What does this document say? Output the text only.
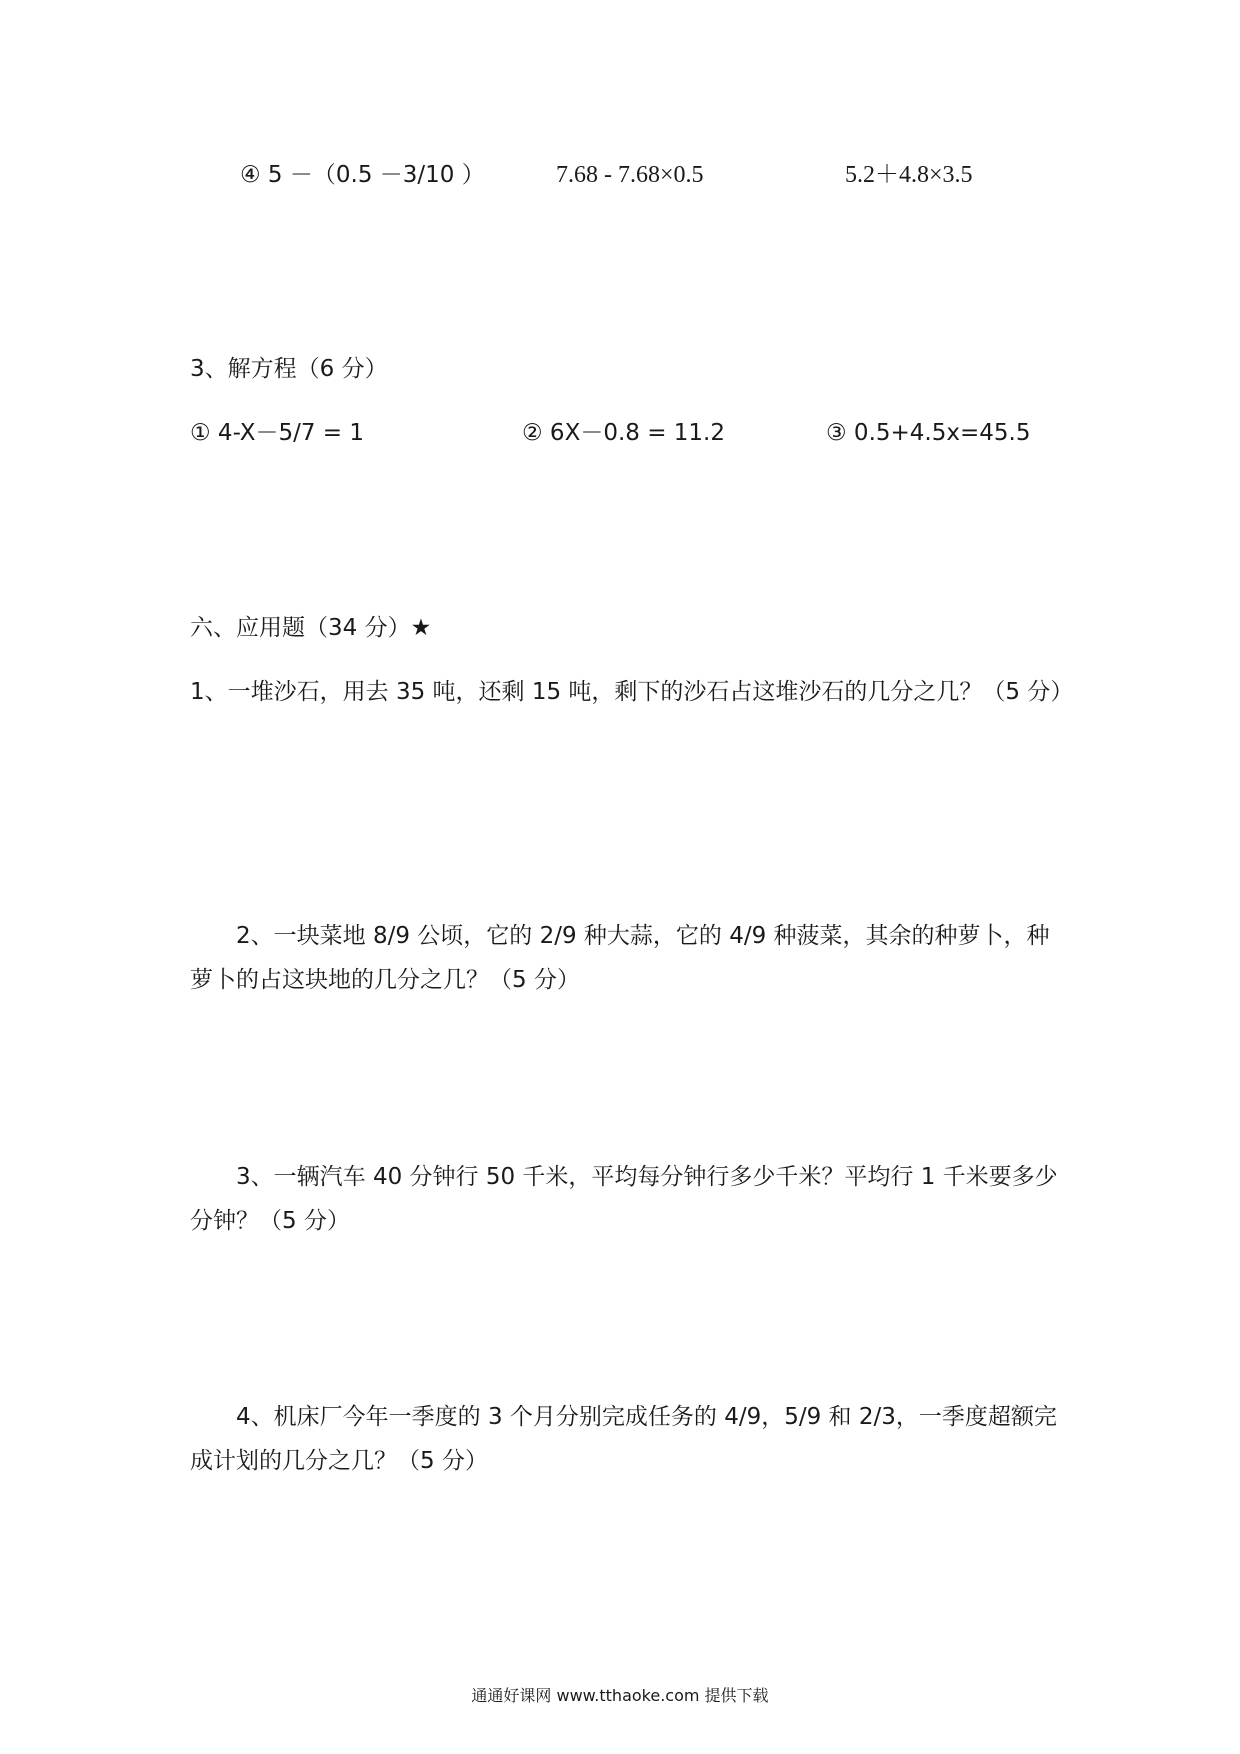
④ 5 －（0.5 －3/10 ）	7.68 - 7.68×0.5	5.2＋4.8×3.5
3、解方程（6 分）
① 4-X－5/7 = 1	② 6X－0.8 = 11.2	③ 0.5+4.5x=45.5
六、应用题（34 分）★

1、一堆沙石，用去 35 吨，还剩 15 吨，剩下的沙石占这堆沙石的几分之几？（5 分）

2、一块菜地 8/9 公顷，它的 2/9 种大蒜，它的 4/9 种菠菜，其余的种萝卜，种萝卜的占这块地的几分之几？（5 分）

3、一辆汽车 40 分钟行 50 千米，平均每分钟行多少千米？平均行 1 千米要多少分钟？（5 分）

4、机床厂今年一季度的 3 个月分别完成任务的 4/9，5/9 和 2/3，一季度超额完成计划的几分之几？（5 分）

通通好课网 www.tthaoke.com 提供下载
